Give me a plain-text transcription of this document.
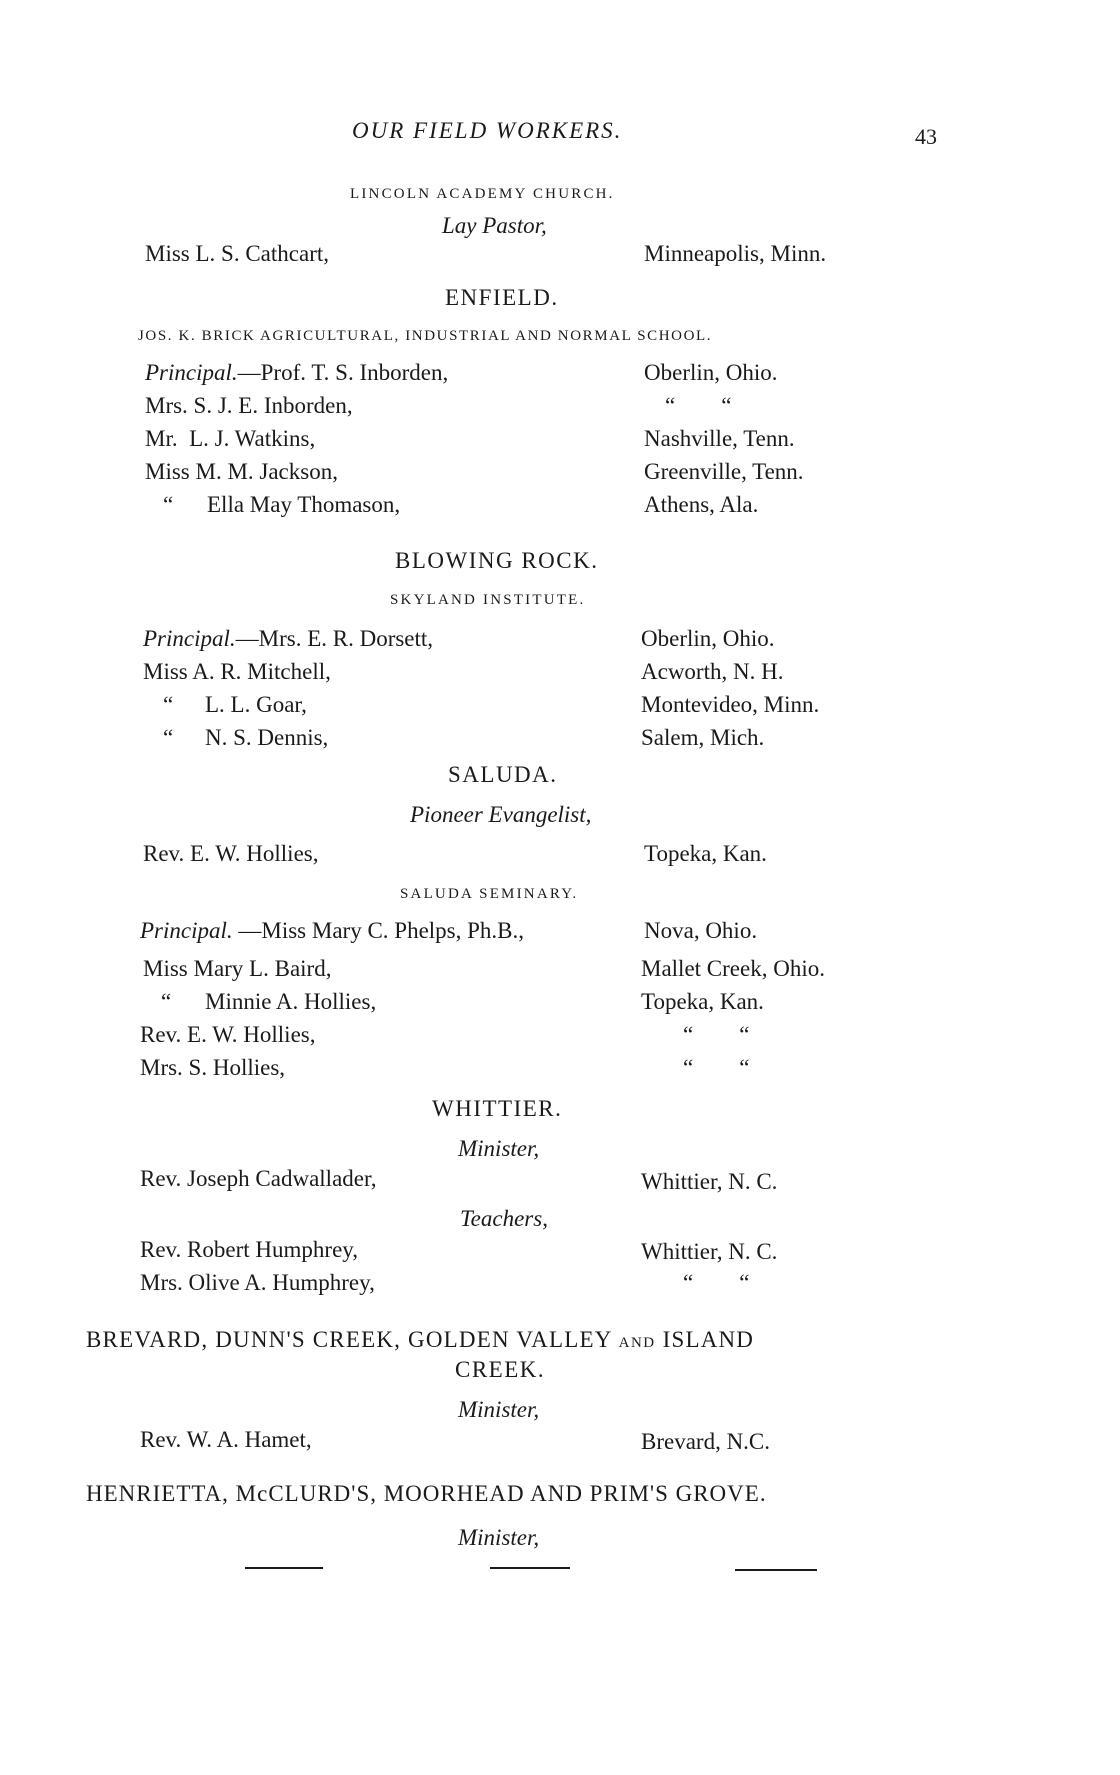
OUR FIELD WORKERS.	43
LINCOLN ACADEMY CHURCH.
Lay Pastor,
Miss L. S. Cathcart,	Minneapolis, Minn.
ENFIELD.
JOS. K. BRICK AGRICULTURAL, INDUSTRIAL AND NORMAL SCHOOL.
Principal.—Prof. T. S. Inborden,	Oberlin, Ohio.
Mrs. S. J. E. Inborden,	“        “
Mr.  L. J. Watkins,	Nashville, Tenn.
Miss M. M. Jackson,	Greenville, Tenn.
“ Ella May Thomason,	Athens, Ala.
BLOWING ROCK.
SKYLAND INSTITUTE.
Principal.—Mrs. E. R. Dorsett,	Oberlin, Ohio.
Miss A. R. Mitchell,	Acworth, N. H.
“ L. L. Goar,	Montevideo, Minn.
“ N. S. Dennis,	Salem, Mich.
SALUDA.
Pioneer Evangelist,
Rev. E. W. Hollies,	Topeka, Kan.
SALUDA SEMINARY.
Principal. —Miss Mary C. Phelps, Ph.B.,	Nova, Ohio.
Miss Mary L. Baird,	Mallet Creek, Ohio.
“ Minnie A. Hollies,	Topeka, Kan.
Rev. E. W. Hollies,	“        “
Mrs. S. Hollies,	“        “
WHITTIER.
Minister,
Rev. Joseph Cadwallader,	Whittier, N. C.
Teachers,
Rev. Robert Humphrey,	Whittier, N. C.
Mrs. Olive A. Humphrey,	“        “
BREVARD, DUNN'S CREEK, GOLDEN VALLEY AND ISLAND
CREEK.
Minister,
Rev. W. A. Hamet,	Brevard, N.C.
HENRIETTA, McCLURD'S, MOORHEAD AND PRIM'S GROVE.
Minister,
